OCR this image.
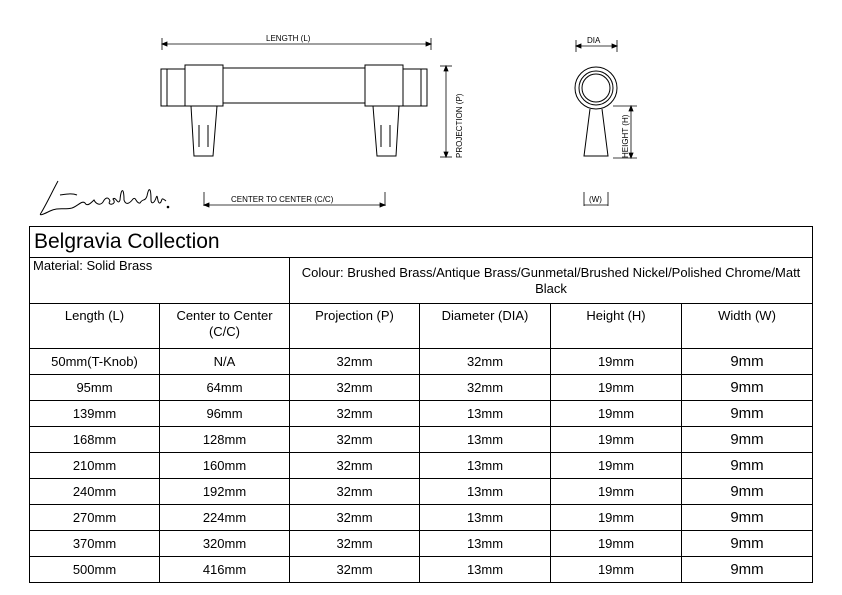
LENGTH (L)
PROJECTION (P)
CENTER TO CENTER (C/C)
DIA
HEIGHT (H)
(W)
Belgravia Collection					
Material: Solid Brass		Colour: Brushed Brass/Antique Brass/Gunmetal/Brushed Nickel/Polished Chrome/Matt Black			
Length (L)	Center to Center (C/C)	Projection (P)	Diameter (DIA)	Height (H)	Width (W)
50mm(T-Knob)	N/A	32mm	32mm	19mm	9mm
95mm	64mm	32mm	32mm	19mm	9mm
139mm	96mm	32mm	13mm	19mm	9mm
168mm	128mm	32mm	13mm	19mm	9mm
210mm	160mm	32mm	13mm	19mm	9mm
240mm	192mm	32mm	13mm	19mm	9mm
270mm	224mm	32mm	13mm	19mm	9mm
370mm	320mm	32mm	13mm	19mm	9mm
500mm	416mm	32mm	13mm	19mm	9mm
